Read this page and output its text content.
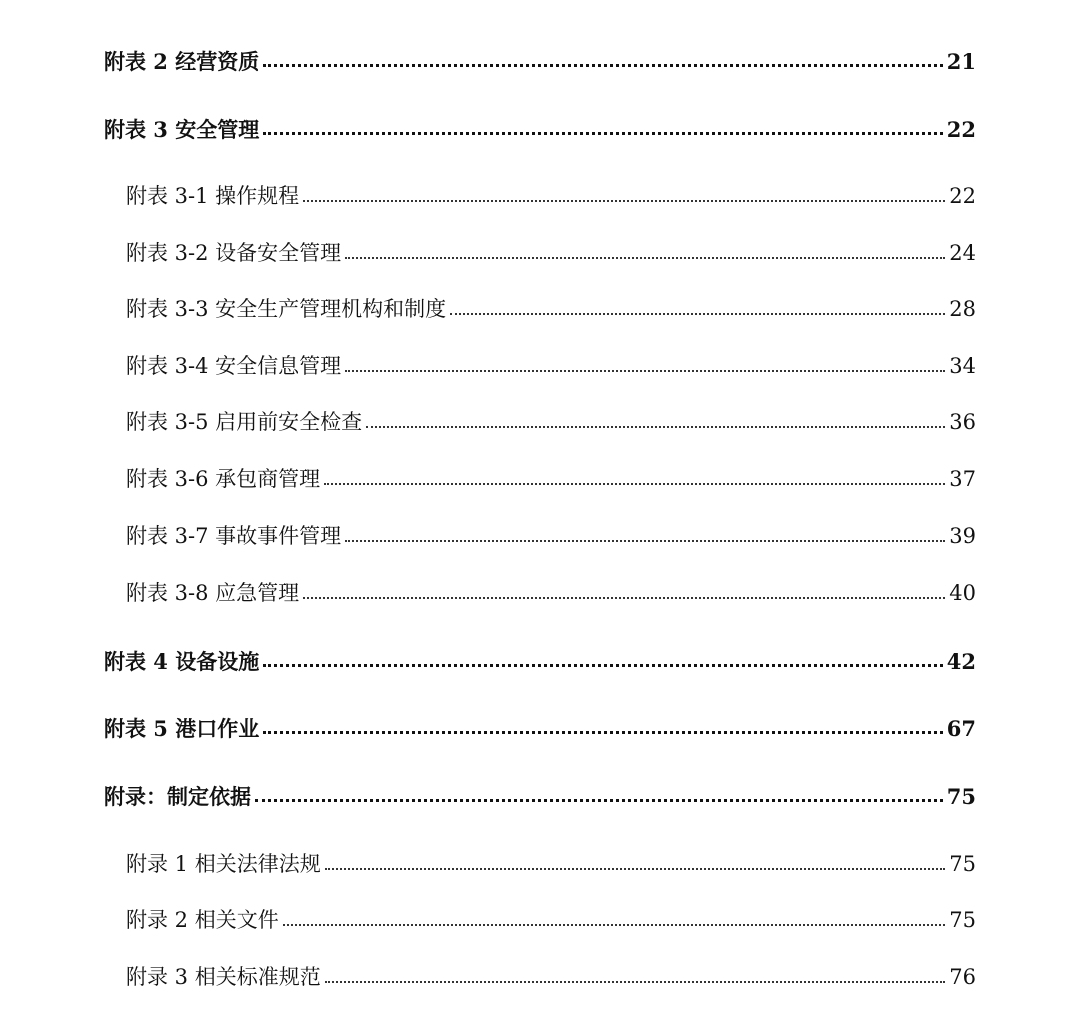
附表 2 经营资质	21
附表 3 安全管理	22
附表 3-1 操作规程	22
附表 3-2 设备安全管理	24
附表 3-3 安全生产管理机构和制度	28
附表 3-4 安全信息管理	34
附表 3-5 启用前安全检查	36
附表 3-6 承包商管理	37
附表 3-7 事故事件管理	39
附表 3-8 应急管理	40
附表 4 设备设施	42
附表 5 港口作业	67
附录：制定依据	75
附录 1 相关法律法规	75
附录 2 相关文件	75
附录 3 相关标准规范	76
